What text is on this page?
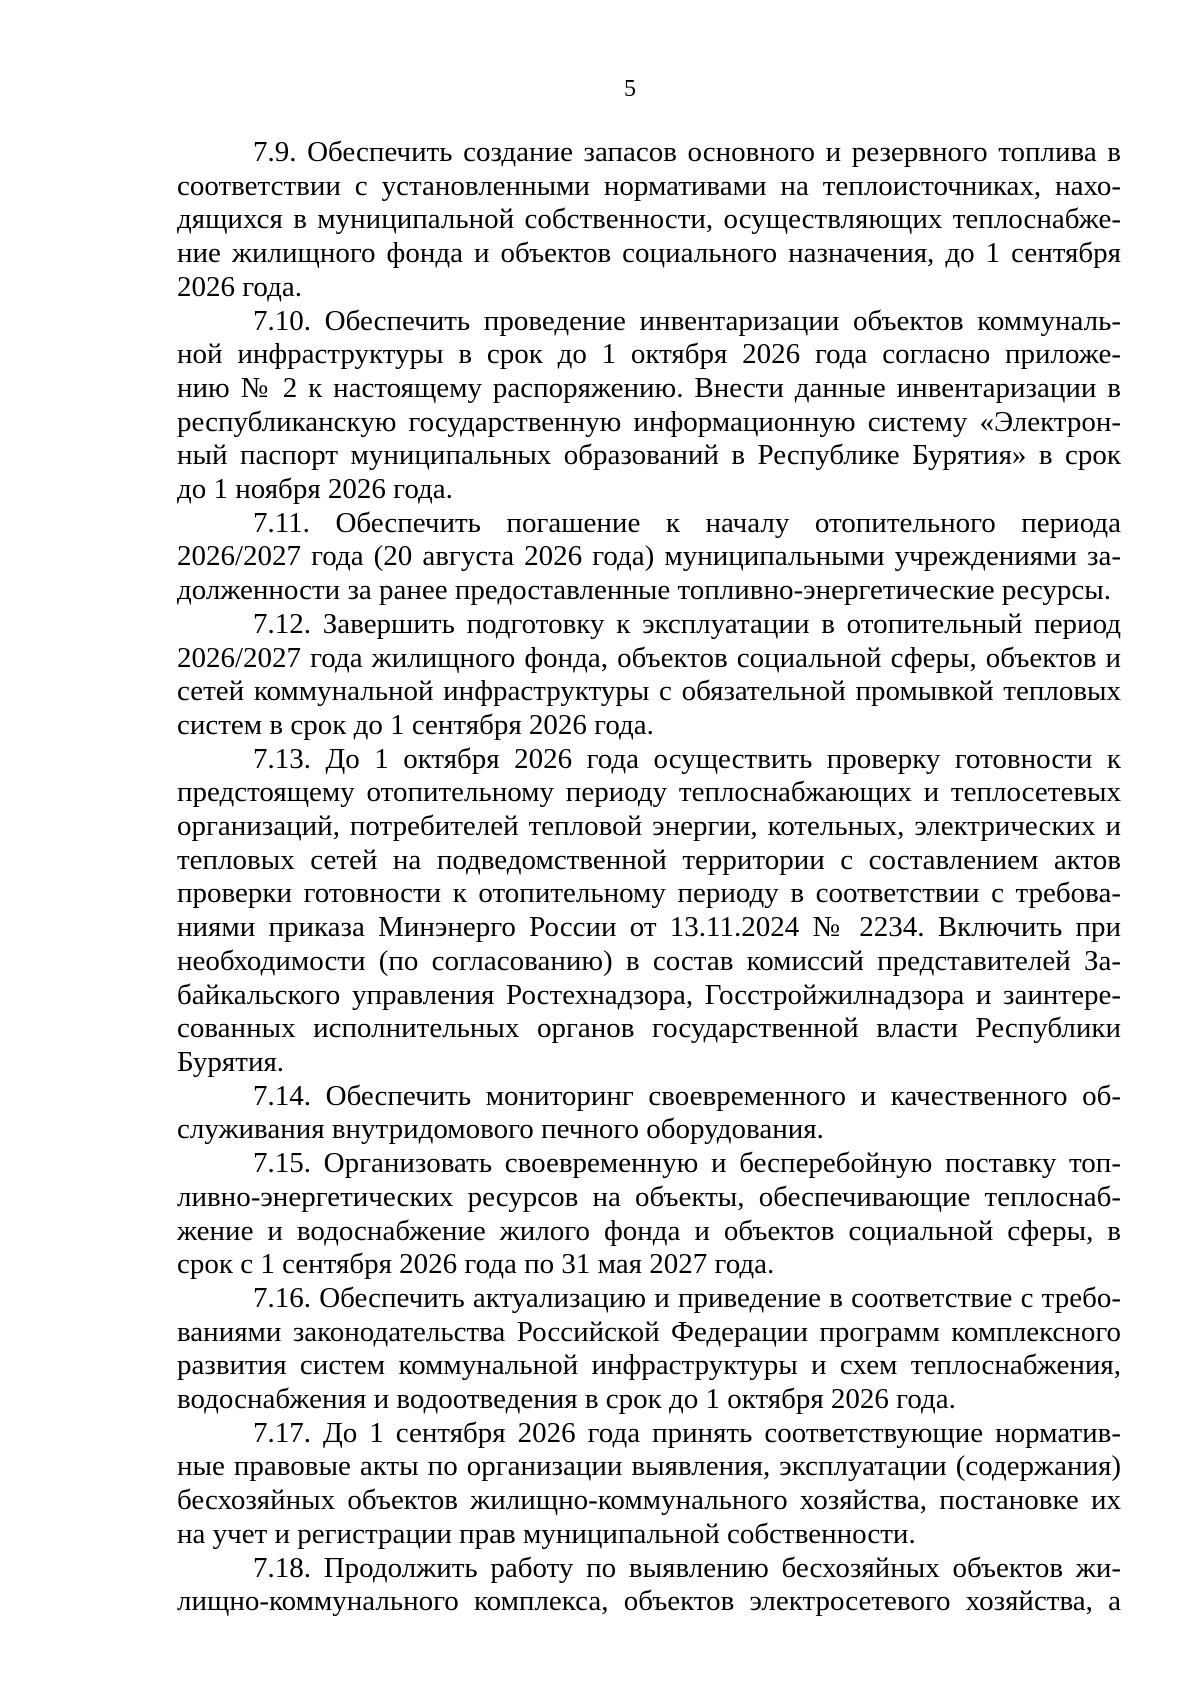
5
7.9. Обеспечить создание запасов основного и резервного топлива в
соответствии с установленными нормативами на теплоисточниках, нахо-
дящихся в муниципальной собственности, осуществляющих теплоснабже-
ние жилищного фонда и объектов социального назначения, до 1 сентября
2026 года.
7.10. Обеспечить проведение инвентаризации объектов коммуналь-
ной инфраструктуры в срок до 1 октября 2026 года согласно приложе-
нию № 2 к настоящему распоряжению. Внести данные инвентаризации в
республиканскую государственную информационную систему «Электрон-
ный паспорт муниципальных образований в Республике Бурятия» в срок
до 1 ноября 2026 года.
7.11. Обеспечить погашение к началу отопительного периода
2026/2027 года (20 августа 2026 года) муниципальными учреждениями за-
долженности за ранее предоставленные топливно-энергетические ресурсы.
7.12. Завершить подготовку к эксплуатации в отопительный период
2026/2027 года жилищного фонда, объектов социальной сферы, объектов и
сетей коммунальной инфраструктуры с обязательной промывкой тепловых
систем в срок до 1 сентября 2026 года.
7.13. До 1 октября 2026 года осуществить проверку готовности к
предстоящему отопительному периоду теплоснабжающих и теплосетевых
организаций, потребителей тепловой энергии, котельных, электрических и
тепловых сетей на подведомственной территории с составлением актов
проверки готовности к отопительному периоду в соответствии с требова-
ниями приказа Минэнерго России от 13.11.2024 № 2234. Включить при
необходимости (по согласованию) в состав комиссий представителей За-
байкальского управления Ростехнадзора, Госстройжилнадзора и заинтере-
сованных исполнительных органов государственной власти Республики
Бурятия.
7.14. Обеспечить мониторинг своевременного и качественного об-
служивания внутридомового печного оборудования.
7.15. Организовать своевременную и бесперебойную поставку топ-
ливно-энергетических ресурсов на объекты, обеспечивающие теплоснаб-
жение и водоснабжение жилого фонда и объектов социальной сферы, в
срок с 1 сентября 2026 года по 31 мая 2027 года.
7.16. Обеспечить актуализацию и приведение в соответствие с требо-
ваниями законодательства Российской Федерации программ комплексного
развития систем коммунальной инфраструктуры и схем теплоснабжения,
водоснабжения и водоотведения в срок до 1 октября 2026 года.
7.17. До 1 сентября 2026 года принять соответствующие норматив-
ные правовые акты по организации выявления, эксплуатации (содержания)
бесхозяйных объектов жилищно-коммунального хозяйства, постановке их
на учет и регистрации прав муниципальной собственности.
7.18. Продолжить работу по выявлению бесхозяйных объектов жи-
лищно-коммунального комплекса, объектов электросетевого хозяйства, а
